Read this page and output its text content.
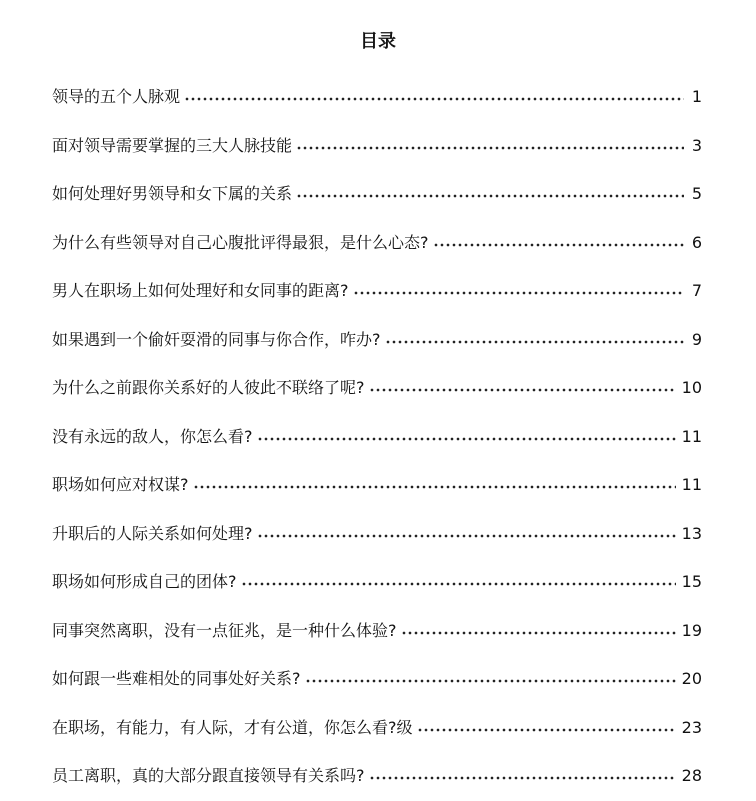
目录
领导的五个人脉观	1
面对领导需要掌握的三大人脉技能	3
如何处理好男领导和女下属的关系	5
为什么有些领导对自己心腹批评得最狠，是什么心态?	6
男人在职场上如何处理好和女同事的距离?	7
如果遇到一个偷奸耍滑的同事与你合作，咋办?	9
为什么之前跟你关系好的人彼此不联络了呢?	10
没有永远的敌人，你怎么看?	11
职场如何应对权谋?	11
升职后的人际关系如何处理?	13
职场如何形成自己的团体?	15
同事突然离职，没有一点征兆，是一种什么体验?	19
如何跟一些难相处的同事处好关系?	20
在职场，有能力，有人际，才有公道，你怎么看?级	23
员工离职，真的大部分跟直接领导有关系吗?	28
